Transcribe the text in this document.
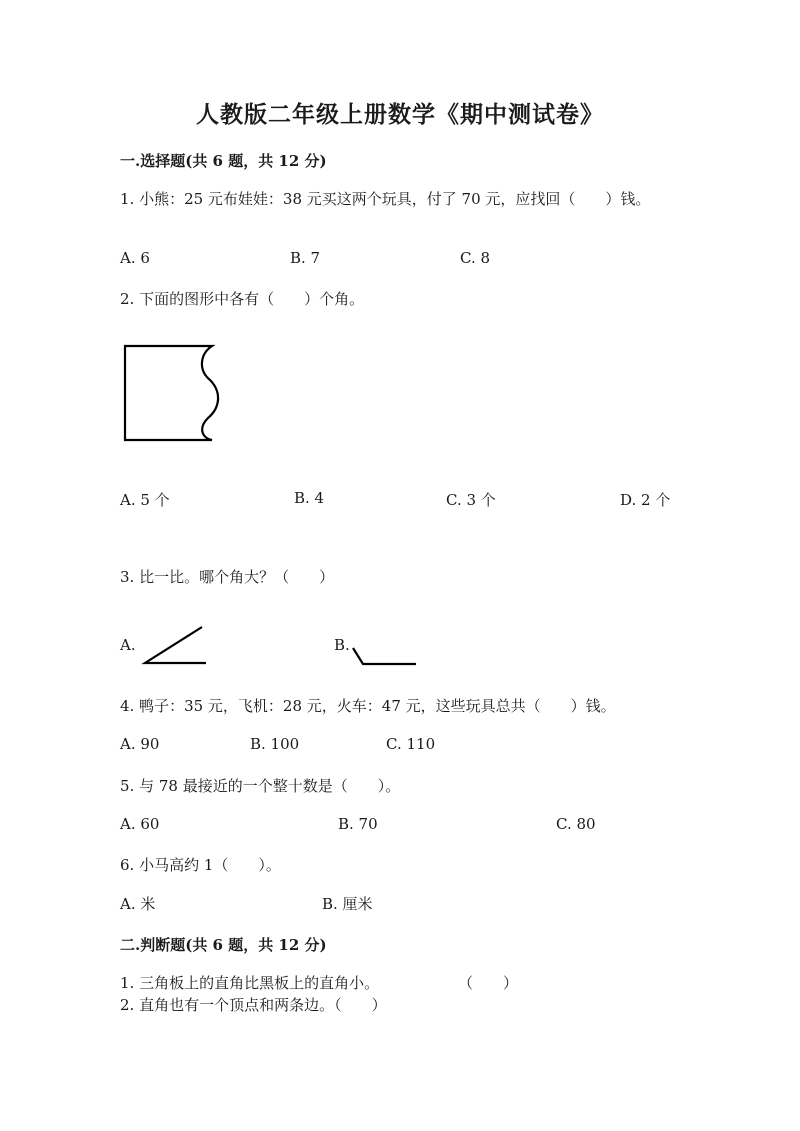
人教版二年级上册数学《期中测试卷》
一.选择题(共 6 题，共 12 分)
1. 小熊：25 元布娃娃：38 元买这两个玩具，付了 70 元，应找回（　　）钱。
A. 6	B. 7	C. 8
2. 下面的图形中各有（　　）个角。
A. 5 个	B. 4	C. 3 个	D. 2 个
3. 比一比。哪个角大？（　　）
A.	B.
4. 鸭子：35 元，飞机：28 元，火车：47 元，这些玩具总共（　　）钱。
A. 90	B. 100	C. 110
5. 与 78 最接近的一个整十数是（　　）。
A. 60	B. 70	C. 80
6. 小马高约 1（　　）。
A. 米	B. 厘米
二.判断题(共 6 题，共 12 分)
1. 三角板上的直角比黑板上的直角小。	（　　）
2. 直角也有一个顶点和两条边。（　　）
